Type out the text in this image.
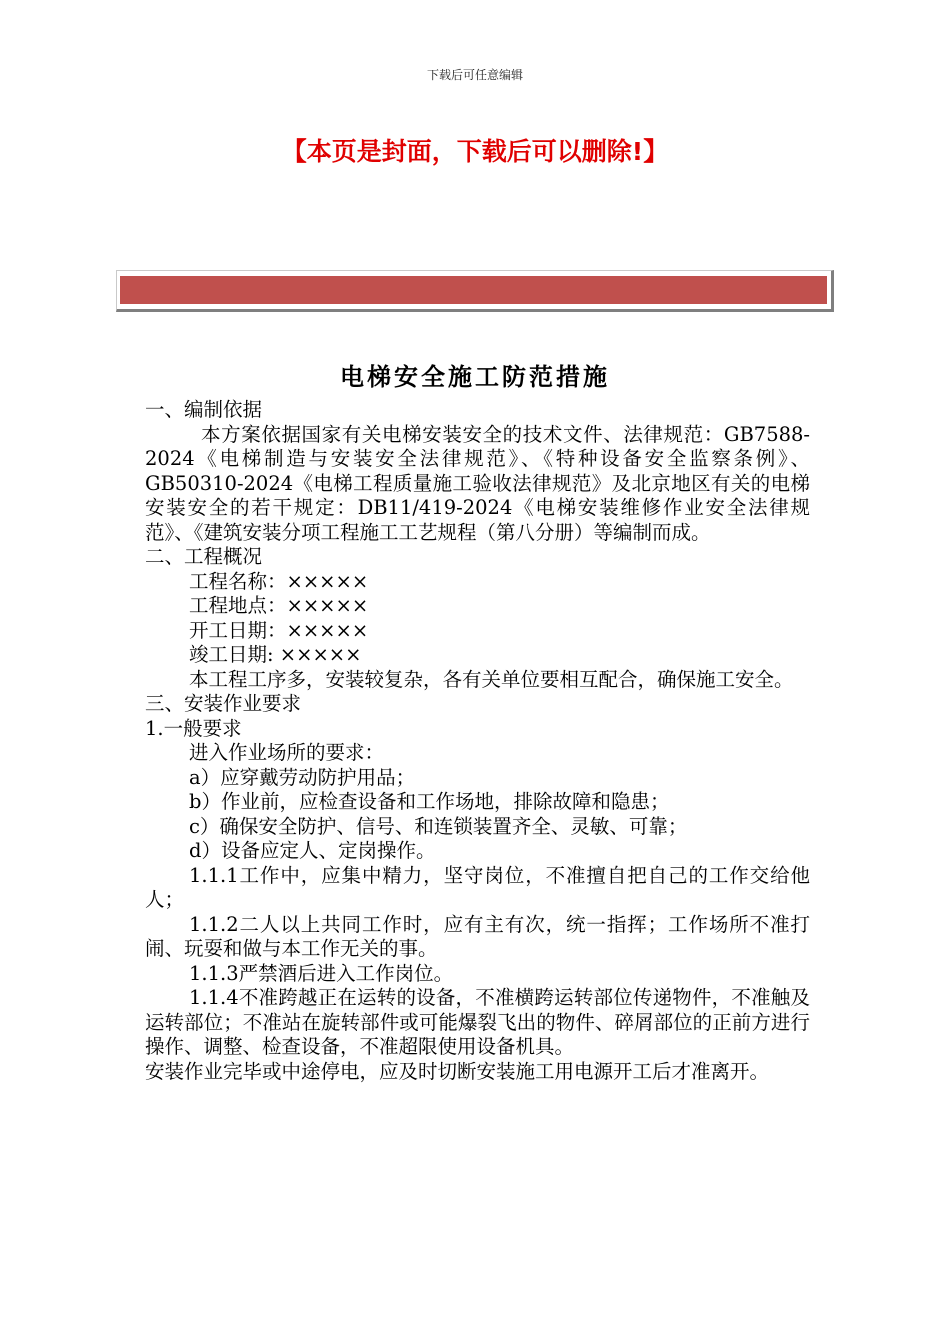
下载后可任意编辑
【本页是封面，下载后可以删除!】
电梯安全施工防范措施

一、编制依据

本方案依据国家有关电梯安装安全的技术文件、法律规范：GB7588-2024《电梯制造与安装安全法律规范》、《特种设备安全监察条例》、GB50310-2024《电梯工程质量施工验收法律规范》及北京地区有关的电梯安装安全的若干规定：DB11/419-2024《电梯安装维修作业安全法律规范》、《建筑安装分项工程施工工艺规程（第八分册）等编制而成。

二、工程概况

工程名称：×××××

工程地点：×××××

开工日期：×××××

竣工日期: ×××××

本工程工序多，安装较复杂，各有关单位要相互配合，确保施工安全。

三、安装作业要求

1.一般要求

进入作业场所的要求：

a）应穿戴劳动防护用品；

b）作业前，应检查设备和工作场地，排除故障和隐患；

c）确保安全防护、信号、和连锁装置齐全、灵敏、可靠；

d）设备应定人、定岗操作。

1.1.1工作中，应集中精力，坚守岗位，不准擅自把自己的工作交给他人；

1.1.2二人以上共同工作时，应有主有次，统一指挥；工作场所不准打闹、玩耍和做与本工作无关的事。

1.1.3严禁酒后进入工作岗位。

1.1.4不准跨越正在运转的设备，不准横跨运转部位传递物件，不准触及运转部位；不准站在旋转部件或可能爆裂飞出的物件、碎屑部位的正前方进行操作、调整、检查设备，不准超限使用设备机具。

安装作业完毕或中途停电，应及时切断安装施工用电源开工后才准离开。
